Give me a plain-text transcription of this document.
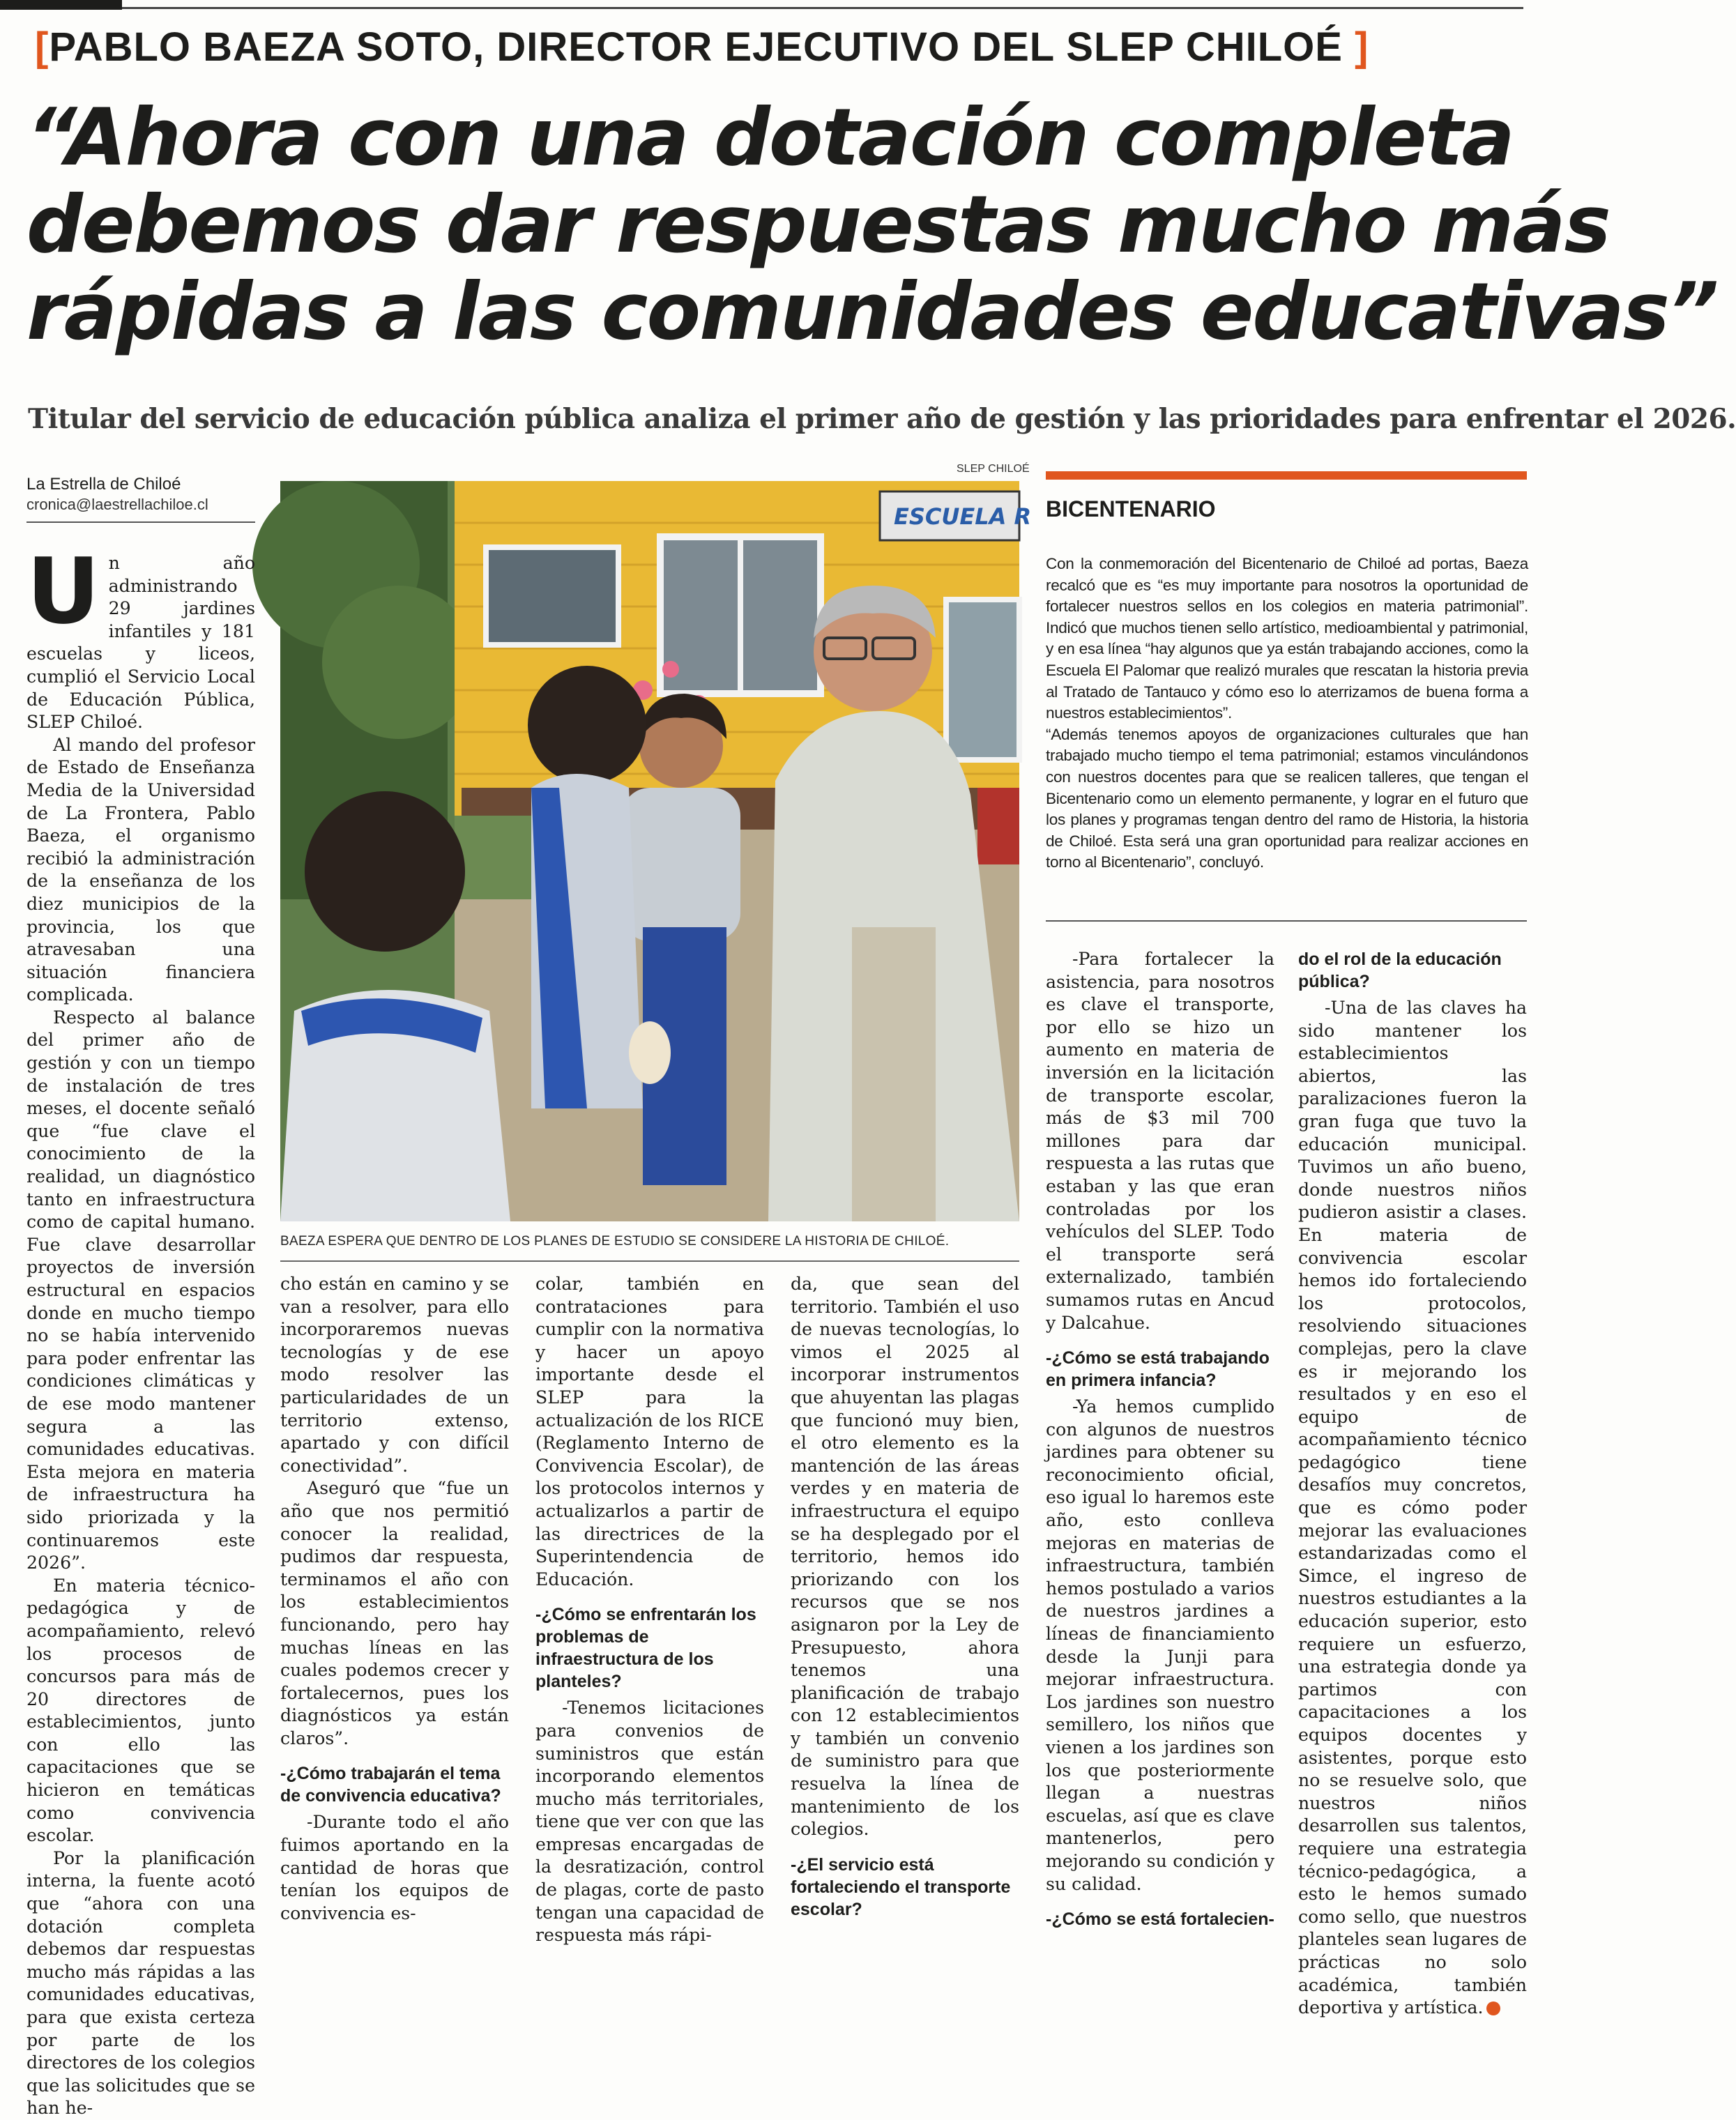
[PABLO BAEZA SOTO, DIRECTOR EJECUTIVO DEL SLEP CHILOÉ ]
“Ahora con una dotación completa
debemos dar respuestas mucho más
rápidas a las comunidades educativas”
Titular del servicio de educación pública analiza el primer año de gestión y las prioridades para enfrentar el 2026.
La Estrella de Chiloé
cronica@laestrellachiloe.cl
SLEP CHILOÉ
ESCUELA R
BAEZA ESPERA QUE DENTRO DE LOS PLANES DE ESTUDIO SE CONSIDERE LA HISTORIA DE CHILOÉ.
BICENTENARIO

Con la conmemoración del Bicentenario de Chiloé ad portas, Baeza recalcó que es “es muy importante para nosotros la oportunidad de fortalecer nuestros sellos en los colegios en materia patrimonial”. Indicó que muchos tienen sello artístico, medioambiental y patrimonial, y en esa línea “hay algunos que ya están trabajando acciones, como la Escuela El Palomar que realizó murales que rescatan la historia previa al Tratado de Tantauco y cómo eso lo aterrizamos de buena forma a nuestros establecimientos”.

“Además tenemos apoyos de organizaciones culturales que han trabajado mucho tiempo el tema patrimonial; estamos vinculándonos con nuestros docentes para que se realicen talleres, que tengan el Bicentenario como un elemento permanente, y lograr en el futuro que los planes y programas tengan dentro del ramo de Historia, la historia de Chiloé. Esta será una gran oportunidad para realizar acciones en torno al Bicentenario”, concluyó.

Un año administrando 29 jardines infantiles y 181 escuelas y liceos, cumplió el Servicio Local de Educación Pública, SLEP Chiloé.

Al mando del profesor de Estado de Enseñanza Media de la Universidad de La Frontera, Pablo Baeza, el organismo recibió la administración de la enseñanza de los diez municipios de la provincia, los que atravesaban una situación financiera complicada.

Respecto al balance del primer año de gestión y con un tiempo de instalación de tres meses, el docente señaló que “fue clave el conocimiento de la realidad, un diagnóstico tanto en infraestructura como de capital humano. Fue clave desarrollar proyectos de inversión estructural en espacios donde en mucho tiempo no se había intervenido para poder enfrentar las condiciones climáticas y de ese modo mantener segura a las comunidades educativas. Esta mejora en materia de infraestructura ha sido priorizada y la continuaremos este 2026”.

En materia técnico-pedagógica y de acompañamiento, relevó los procesos de concursos para más de 20 directores de establecimientos, junto con ello las capacitaciones que se hicieron en temáticas como convivencia escolar.

Por la planificación interna, la fuente acotó que “ahora con una dotación completa debemos dar respuestas mucho más rápidas a las comunidades educativas, para que exista certeza por parte de los directores de los colegios que las solicitudes que se han he-

cho están en camino y se van a resolver, para ello incorporaremos nuevas tecnologías y de ese modo resolver las particularidades de un territorio extenso, apartado y con difícil conectividad”.

Aseguró que “fue un año que nos permitió conocer la realidad, pudimos dar respuesta, terminamos el año con los establecimientos funcionando, pero hay muchas líneas en las cuales podemos crecer y fortalecernos, pues los diagnósticos ya están claros”.

-¿Cómo trabajarán el tema de convivencia educativa?

-Durante todo el año fuimos aportando en la cantidad de horas que tenían los equipos de convivencia es-

colar, también en contrataciones para cumplir con la normativa y hacer un apoyo importante desde el SLEP para la actualización de los RICE (Reglamento Interno de Convivencia Escolar), de los protocolos internos y actualizarlos a partir de las directrices de la Superintendencia de Educación.

-¿Cómo se enfrentarán los problemas de infraestructura de los planteles?

-Tenemos licitaciones para convenios de suministros que están incorporando elementos mucho más territoriales, tiene que ver con que las empresas encargadas de la desratización, control de plagas, corte de pasto tengan una capacidad de respuesta más rápi-

da, que sean del territorio. También el uso de nuevas tecnologías, lo vimos el 2025 al incorporar instrumentos que ahuyentan las plagas que funcionó muy bien, el otro elemento es la mantención de las áreas verdes y en materia de infraestructura el equipo se ha desplegado por el territorio, hemos ido priorizando con los recursos que se nos asignaron por la Ley de Presupuesto, ahora tenemos una planificación de trabajo con 12 establecimientos y también un convenio de suministro para que resuelva la línea de mantenimiento de los colegios.

-¿El servicio está fortaleciendo el transporte escolar?

-Para fortalecer la asistencia, para nosotros es clave el transporte, por ello se hizo un aumento en materia de inversión en la licitación de transporte escolar, más de $3 mil 700 millones para dar respuesta a las rutas que estaban y las que eran controladas por los vehículos del SLEP. Todo el transporte será externalizado, también sumamos rutas en Ancud y Dalcahue.

-¿Cómo se está trabajando en primera infancia?

-Ya hemos cumplido con algunos de nuestros jardines para obtener su reconocimiento oficial, eso igual lo haremos este año, esto conlleva mejoras en materias de infraestructura, también hemos postulado a varios de nuestros jardines a líneas de financiamiento desde la Junji para mejorar infraestructura. Los jardines son nuestro semillero, los niños que vienen a los jardines son los que posteriormente llegan a nuestras escuelas, así que es clave mantenerlos, pero mejorando su condición y su calidad.

-¿Cómo se está fortalecien-
do el rol de la educación pública?

-Una de las claves ha sido mantener los establecimientos abiertos, las paralizaciones fueron la gran fuga que tuvo la educación municipal. Tuvimos un año bueno, donde nuestros niños pudieron asistir a clases. En materia de convivencia escolar hemos ido fortaleciendo los protocolos, resolviendo situaciones complejas, pero la clave es ir mejorando los resultados y en eso el equipo de acompañamiento técnico pedagógico tiene desafíos muy concretos, que es cómo poder mejorar las evaluaciones estandarizadas como el Simce, el ingreso de nuestros estudiantes a la educación superior, esto requiere un esfuerzo, una estrategia donde ya partimos con capacitaciones a los equipos docentes y asistentes, porque esto no se resuelve solo, que nuestros niños desarrollen sus talentos, requiere una estrategia técnico-pedagógica, a esto le hemos sumado como sello, que nuestros planteles sean lugares de prácticas no solo académica, también deportiva y artística.
